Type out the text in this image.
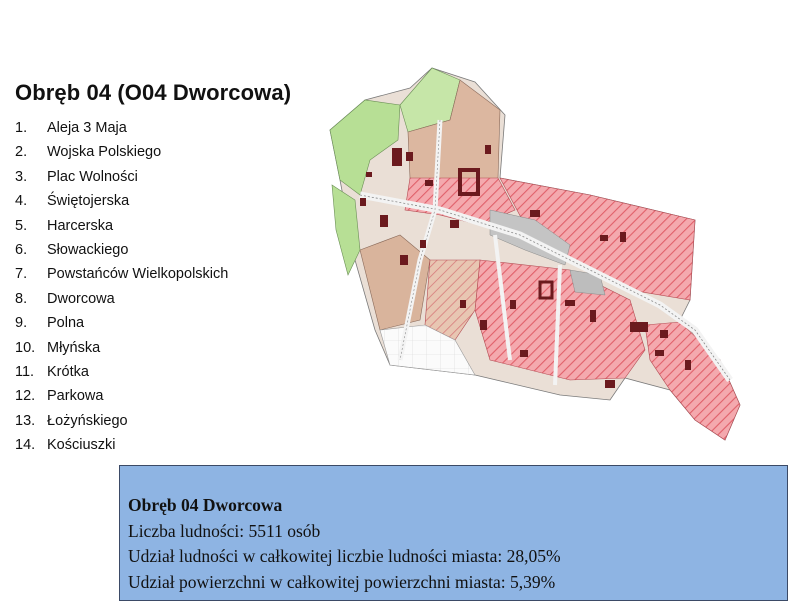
Obręb 04 (O04 Dworcowa)
1.	Aleja 3 Maja
2.	Wojska Polskiego
3.	Plac Wolności
4.	Świętojerska
5.	Harcerska
6.	Słowackiego
7.	Powstańców Wielkopolskich
8.	Dworcowa
9.	Polna
10. Młyńska
11. Krótka
12. Parkowa
13. Łożyńskiego
14. Kościuszki
Obręb 04 Dworcowa
Liczba ludności: 5511 osób
Udział ludności w całkowitej liczbie ludności miasta: 28,05%
Udział powierzchni w całkowitej powierzchni miasta: 5,39%
